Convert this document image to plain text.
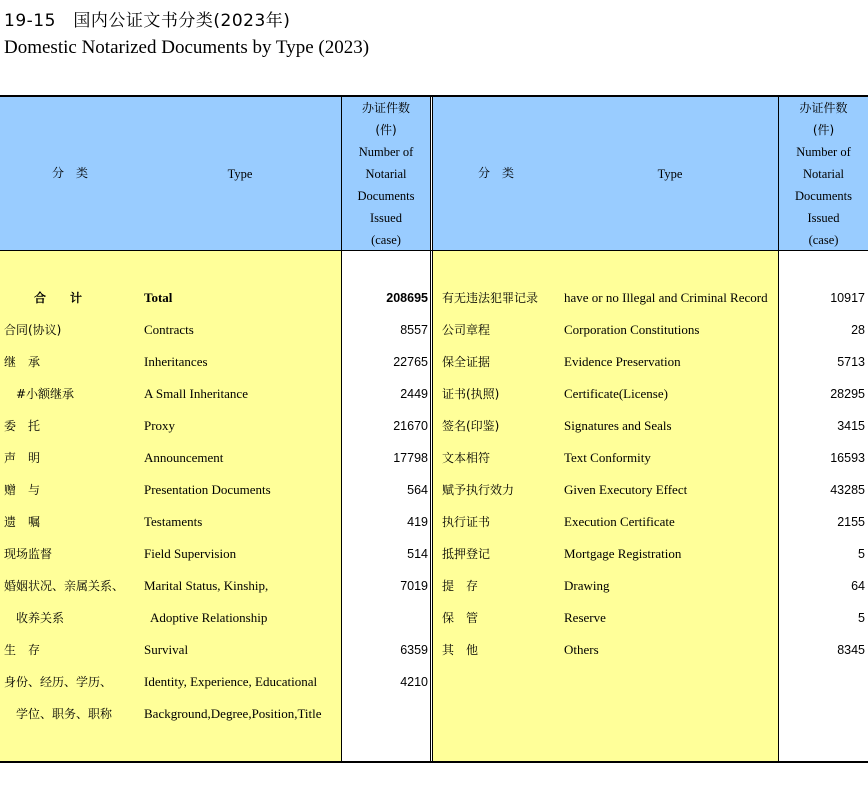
19-15　国内公证文书分类(2023年)
Domestic Notarized Documents by Type (2023)
分　类	Type
办证件数
(件)
Number of
Notarial
Documents
Issued
(case)
分　类	Type
办证件数
(件)
Number of
Notarial
Documents
Issued
(case)
合　　计	Total	208695
合同(协议)	Contracts	8557
继　承	Inheritances	22765
#小额继承	A Small Inheritance	2449
委　托	Proxy	21670
声　明	Announcement	17798
赠　与	Presentation Documents	564
遗　嘱	Testaments	419
现场监督	Field Supervision	514
婚姻状况、亲属关系、 Marital Status, Kinship,	7019
收养关系	Adoptive Relationship
生　存	Survival	6359
身份、经历、学历、 Identity, Experience, Educational	4210
学位、职务、职称 Background,Degree,Position,Title
有无违法犯罪记录 have or no Illegal and Criminal Record	10917
公司章程	Corporation Constitutions	28
保全证据	Evidence Preservation	5713
证书(执照)	Certificate(License)	28295
签名(印鉴)	Signatures and Seals	3415
文本相符	Text Conformity	16593
赋予执行效力	Given Executory Effect	43285
执行证书	Execution Certificate	2155
抵押登记	Mortgage Registration	5
提　存	Drawing	64
保　管	Reserve	5
其　他	Others	8345
